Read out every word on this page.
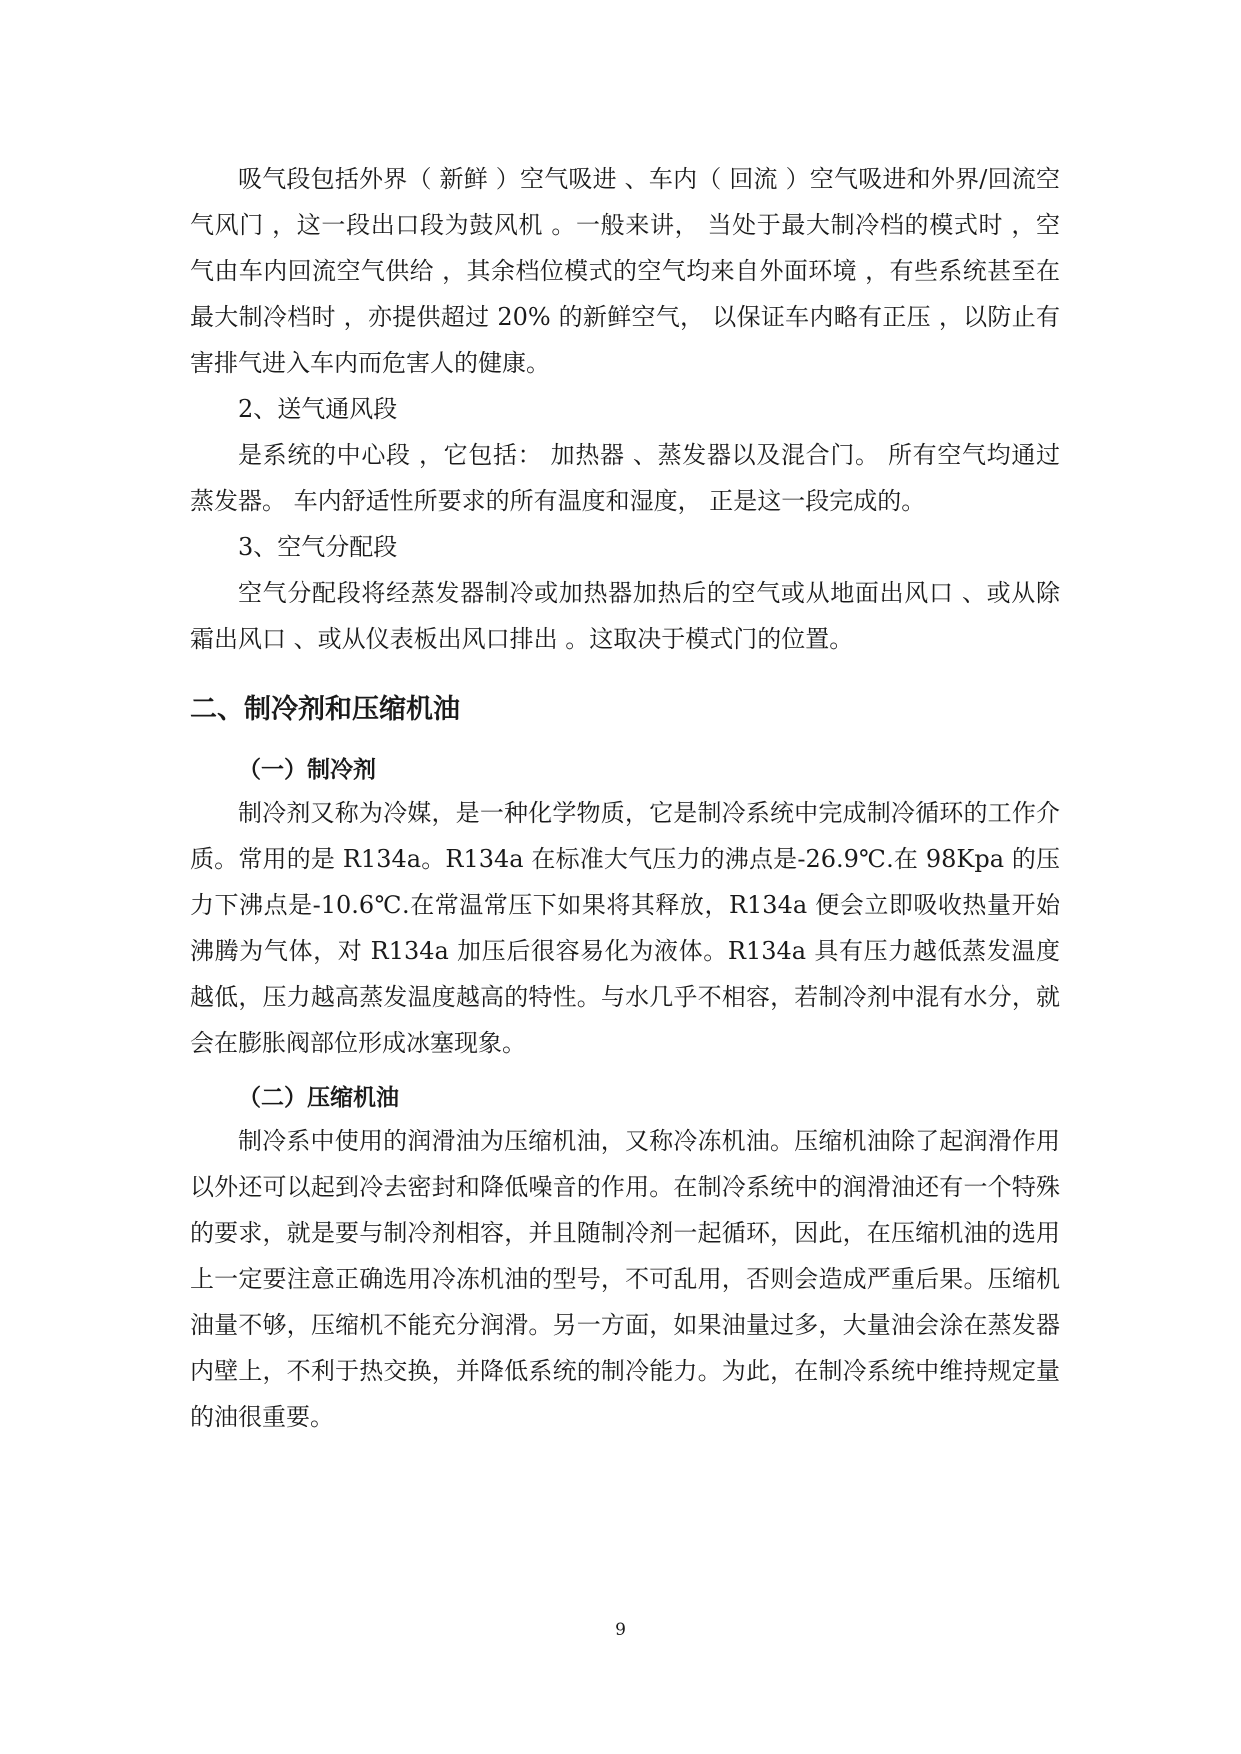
吸气段包括外界（ 新鲜 ）空气吸进 、车内（ 回流 ）空气吸进和外界/回流空气风门 ，这一段出口段为鼓风机 。一般来讲， 当处于最大制冷档的模式时 ，空气由车内回流空气供给 ，其余档位模式的空气均来自外面环境 ，有些系统甚至在最大制冷档时 ，亦提供超过 20% 的新鲜空气， 以保证车内略有正压 ，以防止有害排气进入车内而危害人的健康。

2、送气通风段

是系统的中心段 ，它包括： 加热器 、蒸发器以及混合门。 所有空气均通过蒸发器。 车内舒适性所要求的所有温度和湿度， 正是这一段完成的。

3、空气分配段

空气分配段将经蒸发器制冷或加热器加热后的空气或从地面出风口 、或从除霜出风口 、或从仪表板出风口排出 。这取决于模式门的位置。

二、制冷剂和压缩机油
（一）制冷剂

制冷剂又称为冷媒，是一种化学物质，它是制冷系统中完成制冷循环的工作介质。常用的是 R134a。R134a 在标准大气压力的沸点是-26.9℃.在 98Kpa 的压力下沸点是-10.6℃.在常温常压下如果将其释放，R134a 便会立即吸收热量开始沸腾为气体，对 R134a 加压后很容易化为液体。R134a 具有压力越低蒸发温度越低，压力越高蒸发温度越高的特性。与水几乎不相容，若制冷剂中混有水分，就会在膨胀阀部位形成冰塞现象。

（二）压缩机油

制冷系中使用的润滑油为压缩机油，又称冷冻机油。压缩机油除了起润滑作用以外还可以起到冷去密封和降低噪音的作用。在制冷系统中的润滑油还有一个特殊的要求，就是要与制冷剂相容，并且随制冷剂一起循环，因此，在压缩机油的选用上一定要注意正确选用冷冻机油的型号，不可乱用，否则会造成严重后果。压缩机油量不够，压缩机不能充分润滑。另一方面，如果油量过多，大量油会涂在蒸发器内壁上，不利于热交换，并降低系统的制冷能力。为此，在制冷系统中维持规定量的油很重要。

9
